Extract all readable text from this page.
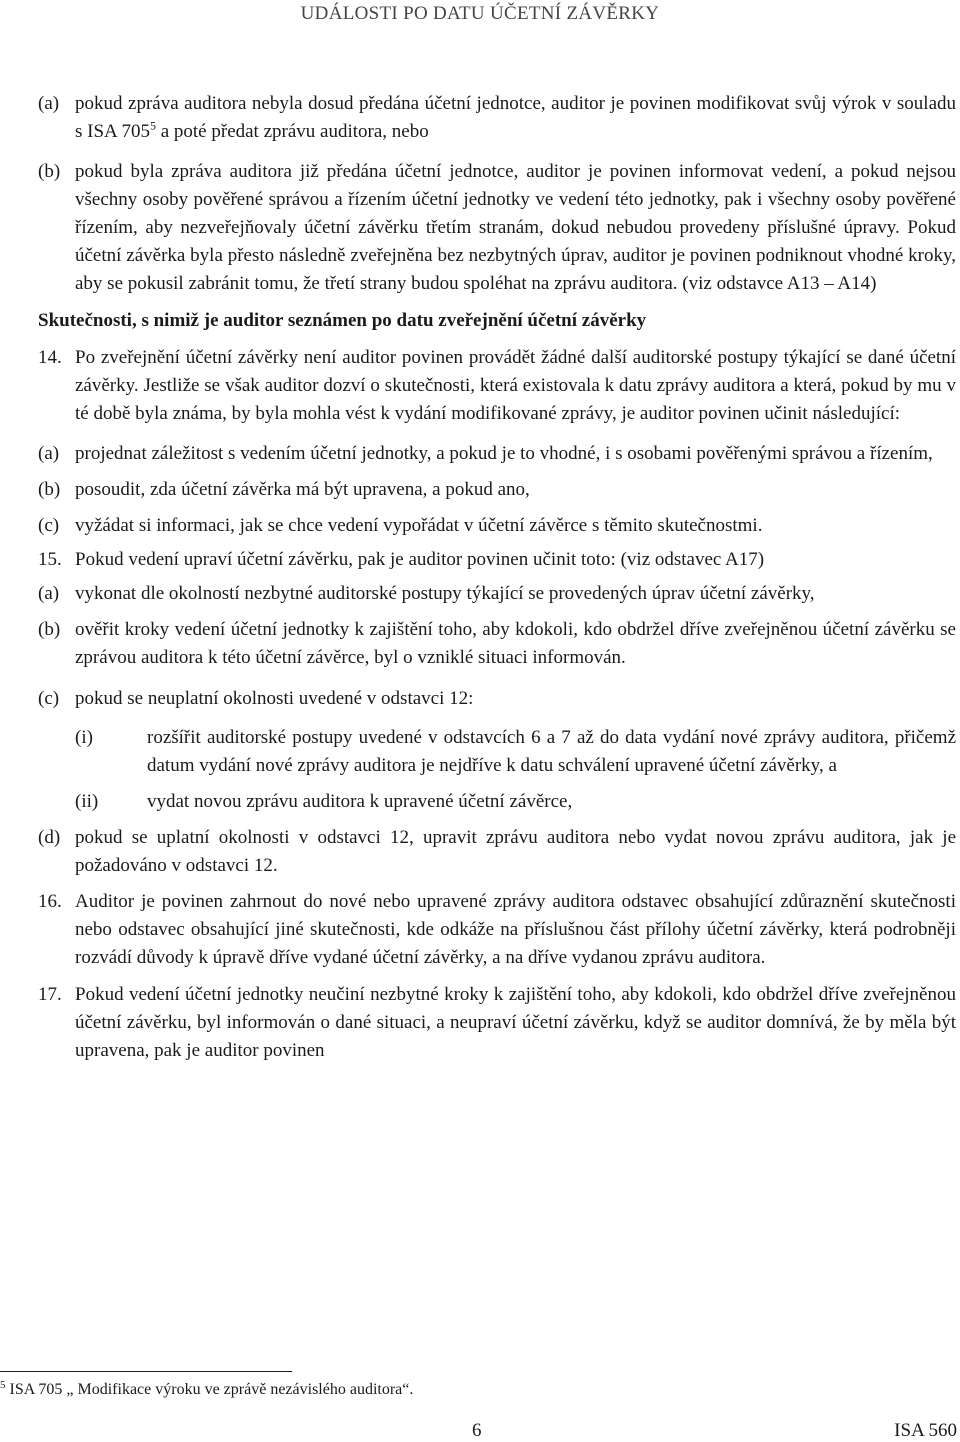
UDÁLOSTI PO DATU ÚČETNÍ ZÁVĚRKY
(a) pokud zpráva auditora nebyla dosud předána účetní jednotce, auditor je povinen modifikovat svůj výrok v souladu s ISA $705^5$ a poté předat zprávu auditora, nebo
(b) pokud byla zpráva auditora již předána účetní jednotce, auditor je povinen informovat vedení, a pokud nejsou všechny osoby pověřené správou a řízením účetní jednotky ve vedení této jednotky, pak i všechny osoby pověřené řízením, aby nezveřejňovaly účetní závěrku třetím stranám, dokud nebudou provedeny příslušné úpravy. Pokud účetní závěrka byla přesto následně zveřejněna bez nezbytných úprav, auditor je povinen podniknout vhodné kroky, aby se pokusil zabránit tomu, že třetí strany budou spoléhat na zprávu auditora. (viz odstavce A13 – A14)
Skutečnosti, s nimiž je auditor seznámen po datu zveřejnění účetní závěrky
14. Po zveřejnění účetní závěrky není auditor povinen provádět žádné další auditorské postupy týkající se dané účetní závěrky. Jestliže se však auditor dozví o skutečnosti, která existovala k datu zprávy auditora a která, pokud by mu v té době byla známa, by byla mohla vést k vydání modifikované zprávy, je auditor povinen učinit následující:
(a) projednat záležitost s vedením účetní jednotky, a pokud je to vhodné, i s osobami pověřenými správou a řízením,
(b) posoudit, zda účetní závěrka má být upravena, a pokud ano,
(c) vyžádat si informaci, jak se chce vedení vypořádat v účetní závěrce s těmito skutečnostmi.
15. Pokud vedení upraví účetní závěrku, pak je auditor povinen učinit toto: (viz odstavec A17)
(a) vykonat dle okolností nezbytné auditorské postupy týkající se provedených úprav účetní závěrky,
(b) ověřit kroky vedení účetní jednotky k zajištění toho, aby kdokoli, kdo obdržel dříve zveřejněnou účetní závěrku se zprávou auditora k této účetní závěrce, byl o vzniklé situaci informován.
(c) pokud se neuplatní okolnosti uvedené v odstavci 12:
(i)	rozšířit auditorské postupy uvedené v odstavcích 6 a 7 až do data vydání nové zprávy auditora, přičemž datum vydání nové zprávy auditora je nejdříve k datu schválení upravené účetní závěrky, a
(ii)	vydat novou zprávu auditora k upravené účetní závěrce,
(d) pokud se uplatní okolnosti v odstavci 12, upravit zprávu auditora nebo vydat novou zprávu auditora, jak je požadováno v odstavci 12.
16. Auditor je povinen zahrnout do nové nebo upravené zprávy auditora odstavec obsahující zdůraznění skutečnosti nebo odstavec obsahující jiné skutečnosti, kde odkáže na příslušnou část přílohy účetní závěrky, která podrobněji rozvádí důvody k úpravě dříve vydané účetní závěrky, a na dříve vydanou zprávu auditora.
17. Pokud vedení účetní jednotky neučiní nezbytné kroky k zajištění toho, aby kdokoli, kdo obdržel dříve zveřejněnou účetní závěrku, byl informován o dané situaci, a neupraví účetní závěrku, když se auditor domnívá, že by měla být upravena, pak je auditor povinen
$^5$ ISA 705 „ Modifikace výroku ve zprávě nezávislého auditora“.
6	ISA 560
